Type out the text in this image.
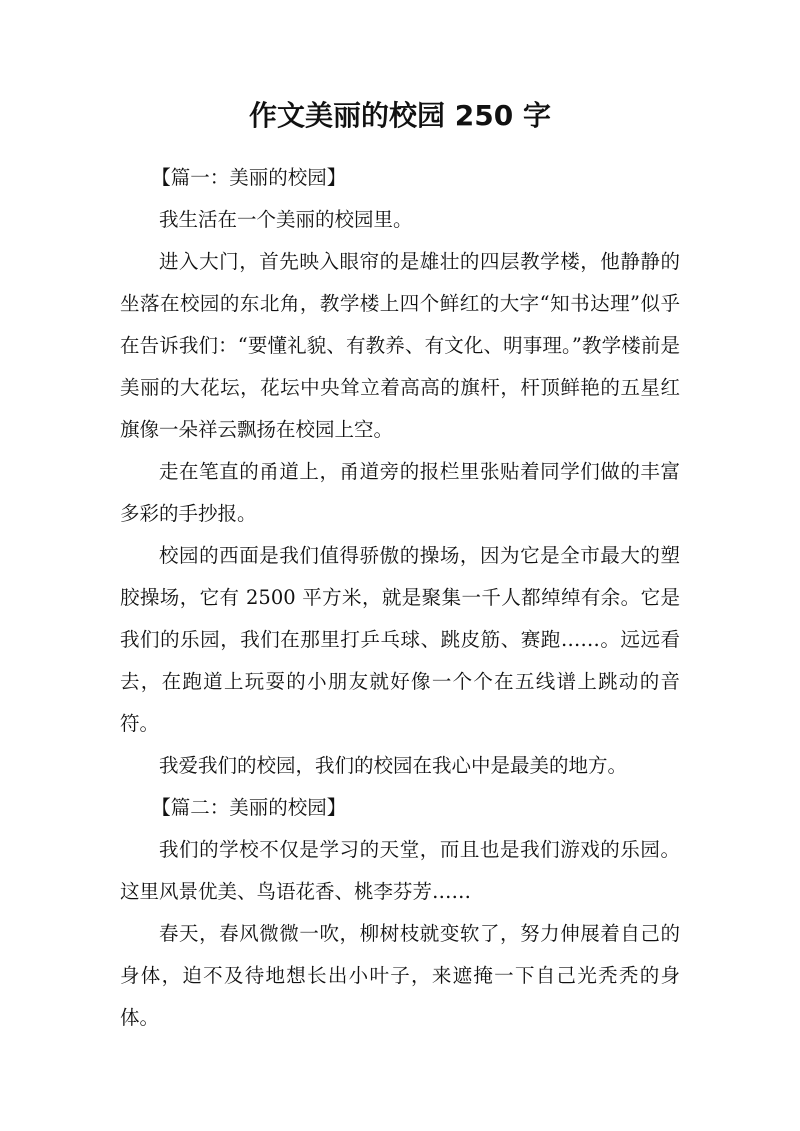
作文美丽的校园 250 字

【篇一：美丽的校园】

我生活在一个美丽的校园里。

进入大门，首先映入眼帘的是雄壮的四层教学楼，他静静的坐落在校园的东北角，教学楼上四个鲜红的大字“知书达理”似乎在告诉我们：“要懂礼貌、有教养、有文化、明事理。”教学楼前是美丽的大花坛，花坛中央耸立着高高的旗杆，杆顶鲜艳的五星红旗像一朵祥云飘扬在校园上空。

走在笔直的甬道上，甬道旁的报栏里张贴着同学们做的丰富多彩的手抄报。

校园的西面是我们值得骄傲的操场，因为它是全市最大的塑胶操场，它有 2500 平方米，就是聚集一千人都绰绰有余。它是我们的乐园，我们在那里打乒乓球、跳皮筋、赛跑……。远远看去，在跑道上玩耍的小朋友就好像一个个在五线谱上跳动的音符。

我爱我们的校园，我们的校园在我心中是最美的地方。

【篇二：美丽的校园】

我们的学校不仅是学习的天堂，而且也是我们游戏的乐园。这里风景优美、鸟语花香、桃李芬芳……

春天，春风微微一吹，柳树枝就变软了，努力伸展着自己的身体，迫不及待地想长出小叶子，来遮掩一下自己光秃秃的身体。
